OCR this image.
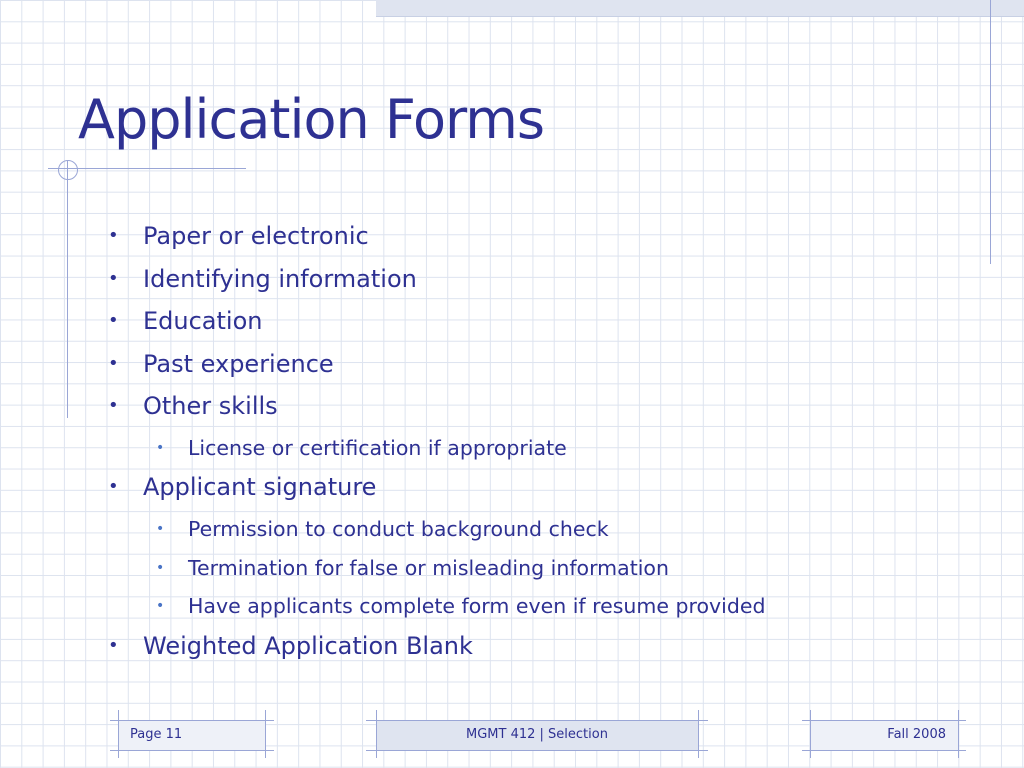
Application Forms
• Paper or electronic
• Identifying information
• Education
• Past experience
• Other skills
• License or certification if appropriate
• Applicant signature
• Permission to conduct background check
• Termination for false or misleading information
• Have applicants complete form even if resume provided
• Weighted Application Blank
Page 11	MGMT 412 | Selection	Fall 2008
